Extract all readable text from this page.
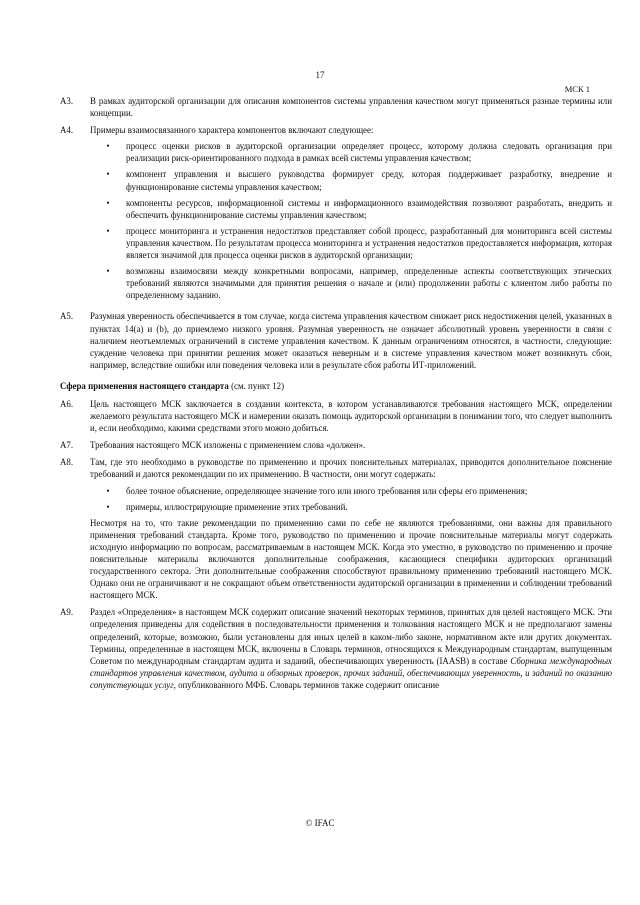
17
МСК 1
A3.	В рамках аудиторской организации для описания компонентов системы управления качеством могут применяться разные термины или концепции.

A4.	Примеры взаимосвязанного характера компонентов включают следующее:

•	процесс оценки рисков в аудиторской организации определяет процесс, которому должна следовать организация при реализации риск-ориентированного подхода в рамках всей системы управления качеством;
•	компонент управления и высшего руководства формирует среду, которая поддерживает разработку, внедрение и функционирование системы управления качеством;
•	компоненты ресурсов, информационной системы и информационного взаимодействия позволяют разработать, внедрить и обеспечить функционирование системы управления качеством;
•	процесс мониторинга и устранения недостатков представляет собой процесс, разработанный для мониторинга всей системы управления качеством. По результатам процесса мониторинга и устранения недостатков предоставляется информация, которая является значимой для процесса оценки рисков в аудиторской организации;
•	возможны взаимосвязи между конкретными вопросами, например, определенные аспекты соответствующих этических требований являются значимыми для принятия решения о начале и (или) продолжении работы с клиентом либо работы по определенному заданию.
A5.	Разумная уверенность обеспечивается в том случае, когда система управления качеством снижает риск недостижения целей, указанных в пунктах 14(a) и (b), до приемлемо низкого уровня. Разумная уверенность не означает абсолютный уровень уверенности в связи с наличием неотъемлемых ограничений в системе управления качеством. К данным ограничениям относятся, в частности, следующие: суждение человека при принятии решения может оказаться неверным и в системе управления качеством может возникнуть сбои, например, вследствие ошибки или поведения человека или в результате сбоя работы ИТ-приложений.

Сфера применения настоящего стандарта (см. пункт 12)
A6.	Цель настоящего МСК заключается в создании контекста, в котором устанавливаются требования настоящего МСК, определении желаемого результата настоящего МСК и намерении оказать помощь аудиторской организации в понимании того, что следует выполнить и, если необходимо, какими средствами этого можно добиться.

A7.	Требования настоящего МСК изложены с применением слова «должен».

A8.	Там, где это необходимо в руководстве по применению и прочих пояснительных материалах, приводится дополнительное пояснение требований и даются рекомендации по их применению. В частности, они могут содержать:

•	более точное объяснение, определяющее значение того или иного требования или сферы его применения;
•	примеры, иллюстрирующие применение этих требований.

Несмотря на то, что такие рекомендации по применению сами по себе не являются требованиями, они важны для правильного применения требований стандарта. Кроме того, руководство по применению и прочие пояснительные материалы могут содержать исходную информацию по вопросам, рассматриваемым в настоящем МСК. Когда это уместно, в руководство по применению и прочие пояснительные материалы включаются дополнительные соображения, касающиеся специфики аудиторских организаций государственного сектора. Эти дополнительные соображения способствуют правильному применению требований настоящего МСК. Однако они не ограничивают и не сокращают объем ответственности аудиторской организации в применении и соблюдении требований настоящего МСК.

A9.	Раздел «Определения» в настоящем МСК содержит описание значений некоторых терминов, принятых для целей настоящего МСК. Эти определения приведены для содействия в последовательности применения и толкования настоящего МСК и не предполагают замены определений, которые, возможно, были установлены для иных целей в каком-либо законе, нормативном акте или других документах. Термины, определенные в настоящем МСК, включены в Словарь терминов, относящихся к Международным стандартам, выпущенным Советом по международным стандартам аудита и заданий, обеспечивающих уверенность (IAASB) в составе Сборника международных стандартов управления качеством, аудита и обзорных проверок, прочих заданий, обеспечивающих уверенность, и заданий по оказанию сопутствующих услуг, опубликованного МФБ. Словарь терминов также содержит описание

© IFAC
